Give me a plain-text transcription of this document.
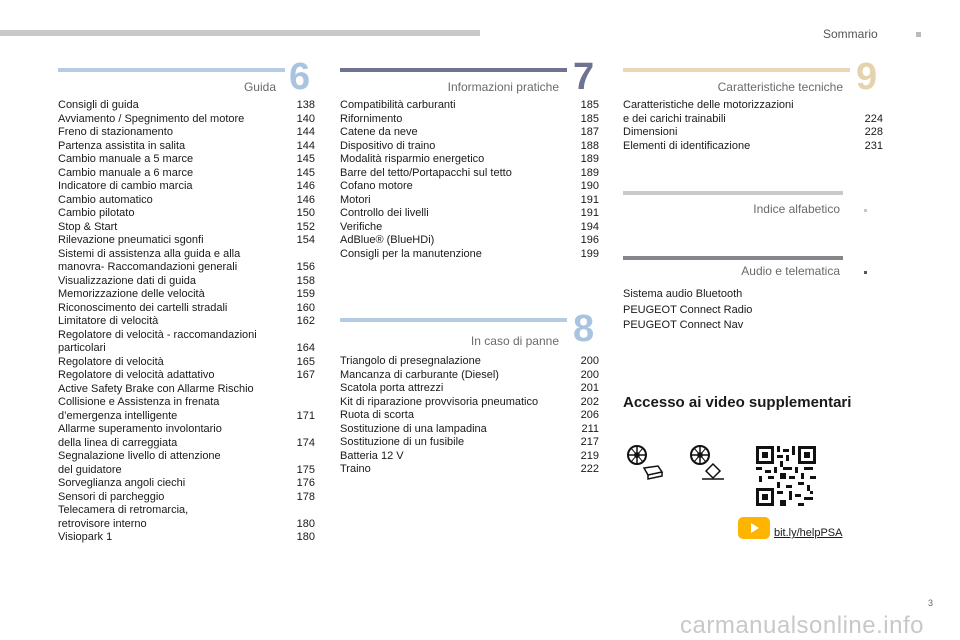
Sommario
Guida 6
Consigli di guida	138
Avviamento / Spegnimento del motore	140
Freno di stazionamento	144
Partenza assistita in salita	144
Cambio manuale a 5 marce	145
Cambio manuale a 6 marce	145
Indicatore di cambio marcia	146
Cambio automatico	146
Cambio pilotato	150
Stop & Start	152
Rilevazione pneumatici sgonfi	154
Sistemi di assistenza alla guida e alla
manovra- Raccomandazioni generali	156
Visualizzazione dati di guida	158
Memorizzazione delle velocità	159
Riconoscimento dei cartelli stradali	160
Limitatore di velocità	162
Regolatore di velocità - raccomandazioni
particolari	164
Regolatore di velocità	165
Regolatore di velocità adattativo	167
Active Safety Brake con Allarme Rischio
Collisione e Assistenza in frenata
d’emergenza intelligente	171
Allarme superamento involontario
della linea di carreggiata	174
Segnalazione livello di attenzione
del guidatore	175
Sorveglianza angoli ciechi	176
Sensori di parcheggio	178
Telecamera di retromarcia,
retrovisore interno	180
Visiopark 1	180
Informazioni pratiche 7
Compatibilità carburanti	185
Rifornimento	185
Catene da neve	187
Dispositivo di traino	188
Modalità risparmio energetico	189
Barre del tetto/Portapacchi sul tetto	189
Cofano motore	190
Motori	191
Controllo dei livelli	191
Verifiche	194
AdBlue® (BlueHDi)	196
Consigli per la manutenzione	199
In caso di panne 8
Triangolo di presegnalazione	200
Mancanza di carburante (Diesel)	200
Scatola porta attrezzi	201
Kit di riparazione provvisoria pneumatico	202
Ruota di scorta	206
Sostituzione di una lampadina	211
Sostituzione di un fusibile	217
Batteria 12 V	219
Traino	222
Caratteristiche tecniche 9
Caratteristiche delle motorizzazioni
e dei carichi trainabili	224
Dimensioni	228
Elementi di identificazione	231
Indice alfabetico
Audio e telematica
Sistema audio Bluetooth
PEUGEOT Connect Radio
PEUGEOT Connect Nav
Accesso ai video supplementari
bit.ly/helpPSA
3
carmanualsonline.info
